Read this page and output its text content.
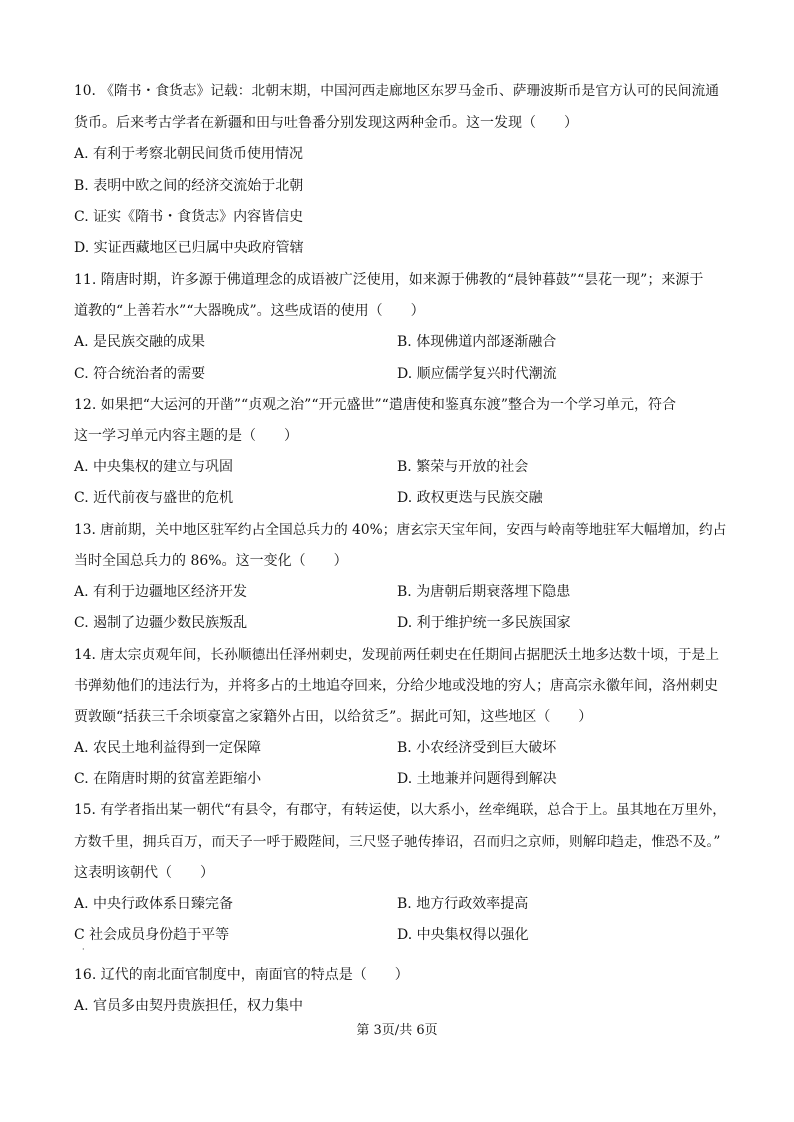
10. 《隋书・食货志》记载：北朝末期，中国河西走廊地区东罗马金币、萨珊波斯币是官方认可的民间流通
货币。后来考古学者在新疆和田与吐鲁番分别发现这两种金币。这一发现（　　）
A. 有利于考察北朝民间货币使用情况
B. 表明中欧之间的经济交流始于北朝
C. 证实《隋书・食货志》内容皆信史
D. 实证西藏地区已归属中央政府管辖
11. 隋唐时期，许多源于佛道理念的成语被广泛使用，如来源于佛教的“晨钟暮鼓”“昙花一现”；来源于
道教的“上善若水”“大器晚成”。这些成语的使用（　　）
A. 是民族交融的成果	B. 体现佛道内部逐渐融合
C. 符合统治者的需要	D. 顺应儒学复兴时代潮流
12. 如果把“大运河的开凿”“贞观之治”“开元盛世”“遣唐使和鉴真东渡”整合为一个学习单元，符合
这一学习单元内容主题的是（　　）
A. 中央集权的建立与巩固	B. 繁荣与开放的社会
C. 近代前夜与盛世的危机	D. 政权更迭与民族交融
13. 唐前期，关中地区驻军约占全国总兵力的 40%；唐玄宗天宝年间，安西与岭南等地驻军大幅增加，约占
当时全国总兵力的 86%。这一变化（　　）
A. 有利于边疆地区经济开发	B. 为唐朝后期衰落埋下隐患
C. 遏制了边疆少数民族叛乱	D. 利于维护统一多民族国家
14. 唐太宗贞观年间，长孙顺德出任泽州刺史，发现前两任刺史在任期间占据肥沃土地多达数十顷，于是上
书弹劾他们的违法行为，并将多占的土地追夺回来，分给少地或没地的穷人；唐高宗永徽年间，洛州刺史
贾敦颐“括获三千余顷豪富之家籍外占田，以给贫乏”。据此可知，这些地区（　　）
A. 农民土地利益得到一定保障	B. 小农经济受到巨大破坏
C. 在隋唐时期的贫富差距缩小	D. 土地兼并问题得到解决
15. 有学者指出某一朝代“有县令，有郡守，有转运使，以大系小，丝牵绳联，总合于上。虽其地在万里外，
方数千里，拥兵百万，而天子一呼于殿陛间，三尺竖子驰传捧诏，召而归之京师，则解印趋走，惟恐不及。”
这表明该朝代（　　）
A. 中央行政体系日臻完备	B. 地方行政效率提高
C 社会成员身份趋于平等	D. 中央集权得以强化
·
16. 辽代的南北面官制度中，南面官的特点是（　　）
A. 官员多由契丹贵族担任，权力集中
第 3页/共 6页
